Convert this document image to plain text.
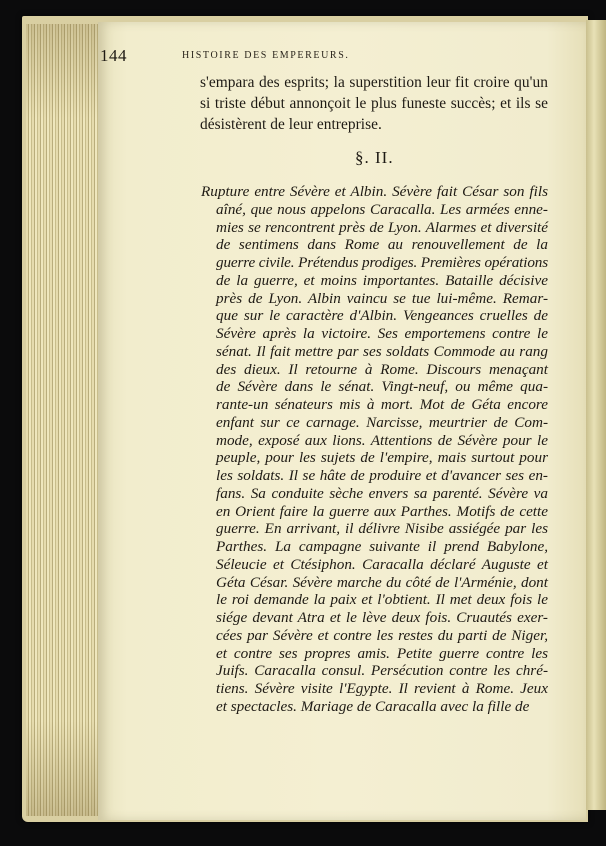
144	HISTOIRE DES EMPEREURS.
s'empara des esprits; la superstition leur fit croire qu'un
si triste début annonçoit le plus funeste succès; et ils se
désistèrent de leur entreprise.
§. II.
Rupture entre Sévère et Albin. Sévère fait César son fils
aîné, que nous appelons Caracalla. Les armées enne-
mies se rencontrent près de Lyon. Alarmes et diversité
de sentimens dans Rome au renouvellement de la
guerre civile. Prétendus prodiges. Premières opérations
de la guerre, et moins importantes. Bataille décisive
près de Lyon. Albin vaincu se tue lui-même. Remar-
que sur le caractère d'Albin. Vengeances cruelles de
Sévère après la victoire. Ses emportemens contre le
sénat. Il fait mettre par ses soldats Commode au rang
des dieux. Il retourne à Rome. Discours menaçant
de Sévère dans le sénat. Vingt-neuf, ou même qua-
rante-un sénateurs mis à mort. Mot de Géta encore
enfant sur ce carnage. Narcisse, meurtrier de Com-
mode, exposé aux lions. Attentions de Sévère pour le
peuple, pour les sujets de l'empire, mais surtout pour
les soldats. Il se hâte de produire et d'avancer ses en-
fans. Sa conduite sèche envers sa parenté. Sévère va
en Orient faire la guerre aux Parthes. Motifs de cette
guerre. En arrivant, il délivre Nisibe assiégée par les
Parthes. La campagne suivante il prend Babylone,
Séleucie et Ctésiphon. Caracalla déclaré Auguste et
Géta César. Sévère marche du côté de l'Arménie, dont
le roi demande la paix et l'obtient. Il met deux fois le
siége devant Atra et le lève deux fois. Cruautés exer-
cées par Sévère et contre les restes du parti de Niger,
et contre ses propres amis. Petite guerre contre les
Juifs. Caracalla consul. Persécution contre les chré-
tiens. Sévère visite l'Egypte. Il revient à Rome. Jeux
et spectacles. Mariage de Caracalla avec la fille de
